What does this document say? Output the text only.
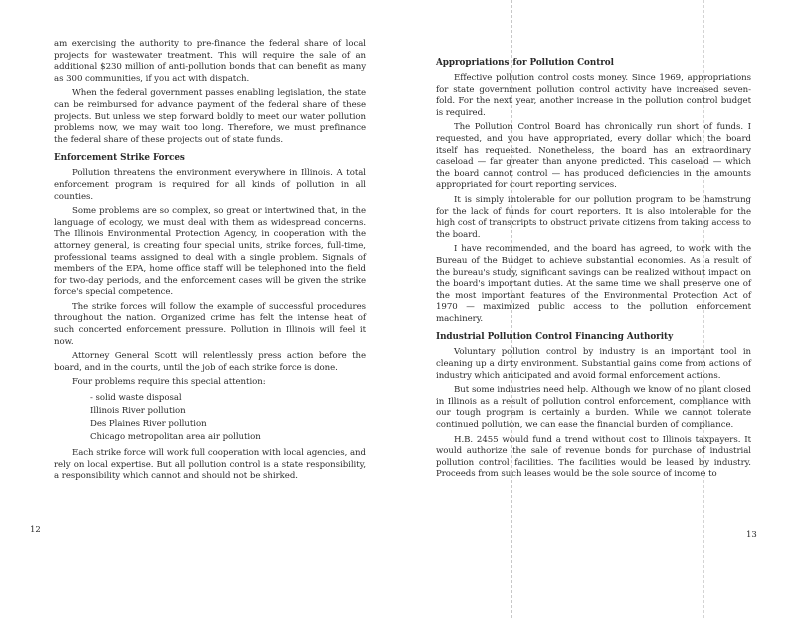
am exercising the authority to pre-finance the federal share of local projects for wastewater treatment. This will require the sale of an additional $230 million of anti-pollution bonds that can benefit as many as 300 communities, if you act with dispatch.

When the federal government passes enabling legislation, the state can be reimbursed for advance payment of the federal share of these projects. But unless we step forward boldly to meet our water pollution problems now, we may wait too long. Therefore, we must prefinance the federal share of these projects out of state funds.

Enforcement Strike Forces

Pollution threatens the environment everywhere in Illinois. A total enforcement program is required for all kinds of pollution in all counties.

Some problems are so complex, so great or intertwined that, in the language of ecology, we must deal with them as widespread concerns. The Illinois Environmental Protection Agency, in cooperation with the attorney general, is creating four special units, strike forces, full-time, professional teams assigned to deal with a single problem. Signals of members of the EPA, home office staff will be telephoned into the field for two-day periods, and the enforcement cases will be given the strike force's special competence.

The strike forces will follow the example of successful procedures throughout the nation. Organized crime has felt the intense heat of such concerted enforcement pressure. Pollution in Illinois will feel it now.

Attorney General Scott will relentlessly press action before the board, and in the courts, until the job of each strike force is done.

Four problems require this special attention:

- solid waste disposal
Illinois River pollution
Des Plaines River pollution
Chicago metropolitan area air pollution

Each strike force will work full cooperation with local agencies, and rely on local expertise. But all pollution control is a state responsibility, a responsibility which cannot and should not be shirked.

12
Appropriations for Pollution Control

Effective pollution control costs money. Since 1969, appropriations for state government pollution control activity have increased seven-fold. For the next year, another increase in the pollution control budget is required.

The Pollution Control Board has chronically run short of funds. I requested, and you have appropriated, every dollar which the board itself has requested. Nonetheless, the board has an extraordinary caseload — far greater than anyone predicted. This caseload — which the board cannot control — has produced deficiencies in the amounts appropriated for court reporting services.

It is simply intolerable for our pollution program to be hamstrung for the lack of funds for court reporters. It is also intolerable for the high cost of transcripts to obstruct private citizens from taking access to the board.

I have recommended, and the board has agreed, to work with the Bureau of the Budget to achieve substantial economies. As a result of the bureau's study, significant savings can be realized without impact on the board's important duties. At the same time we shall preserve one of the most important features of the Environmental Protection Act of 1970 — maximized public access to the pollution enforcement machinery.

Industrial Pollution Control Financing Authority

Voluntary pollution control by industry is an important tool in cleaning up a dirty environment. Substantial gains come from actions of industry which anticipated and avoid formal enforcement actions.

But some industries need help. Although we know of no plant closed in Illinois as a result of pollution control enforcement, compliance with our tough program is certainly a burden. While we cannot tolerate continued pollution, we can ease the financial burden of compliance.

H.B. 2455 would fund a trend without cost to Illinois taxpayers. It would authorize the sale of revenue bonds for purchase of industrial pollution control facilities. The facilities would be leased by industry. Proceeds from such leases would be the sole source of income to

13
